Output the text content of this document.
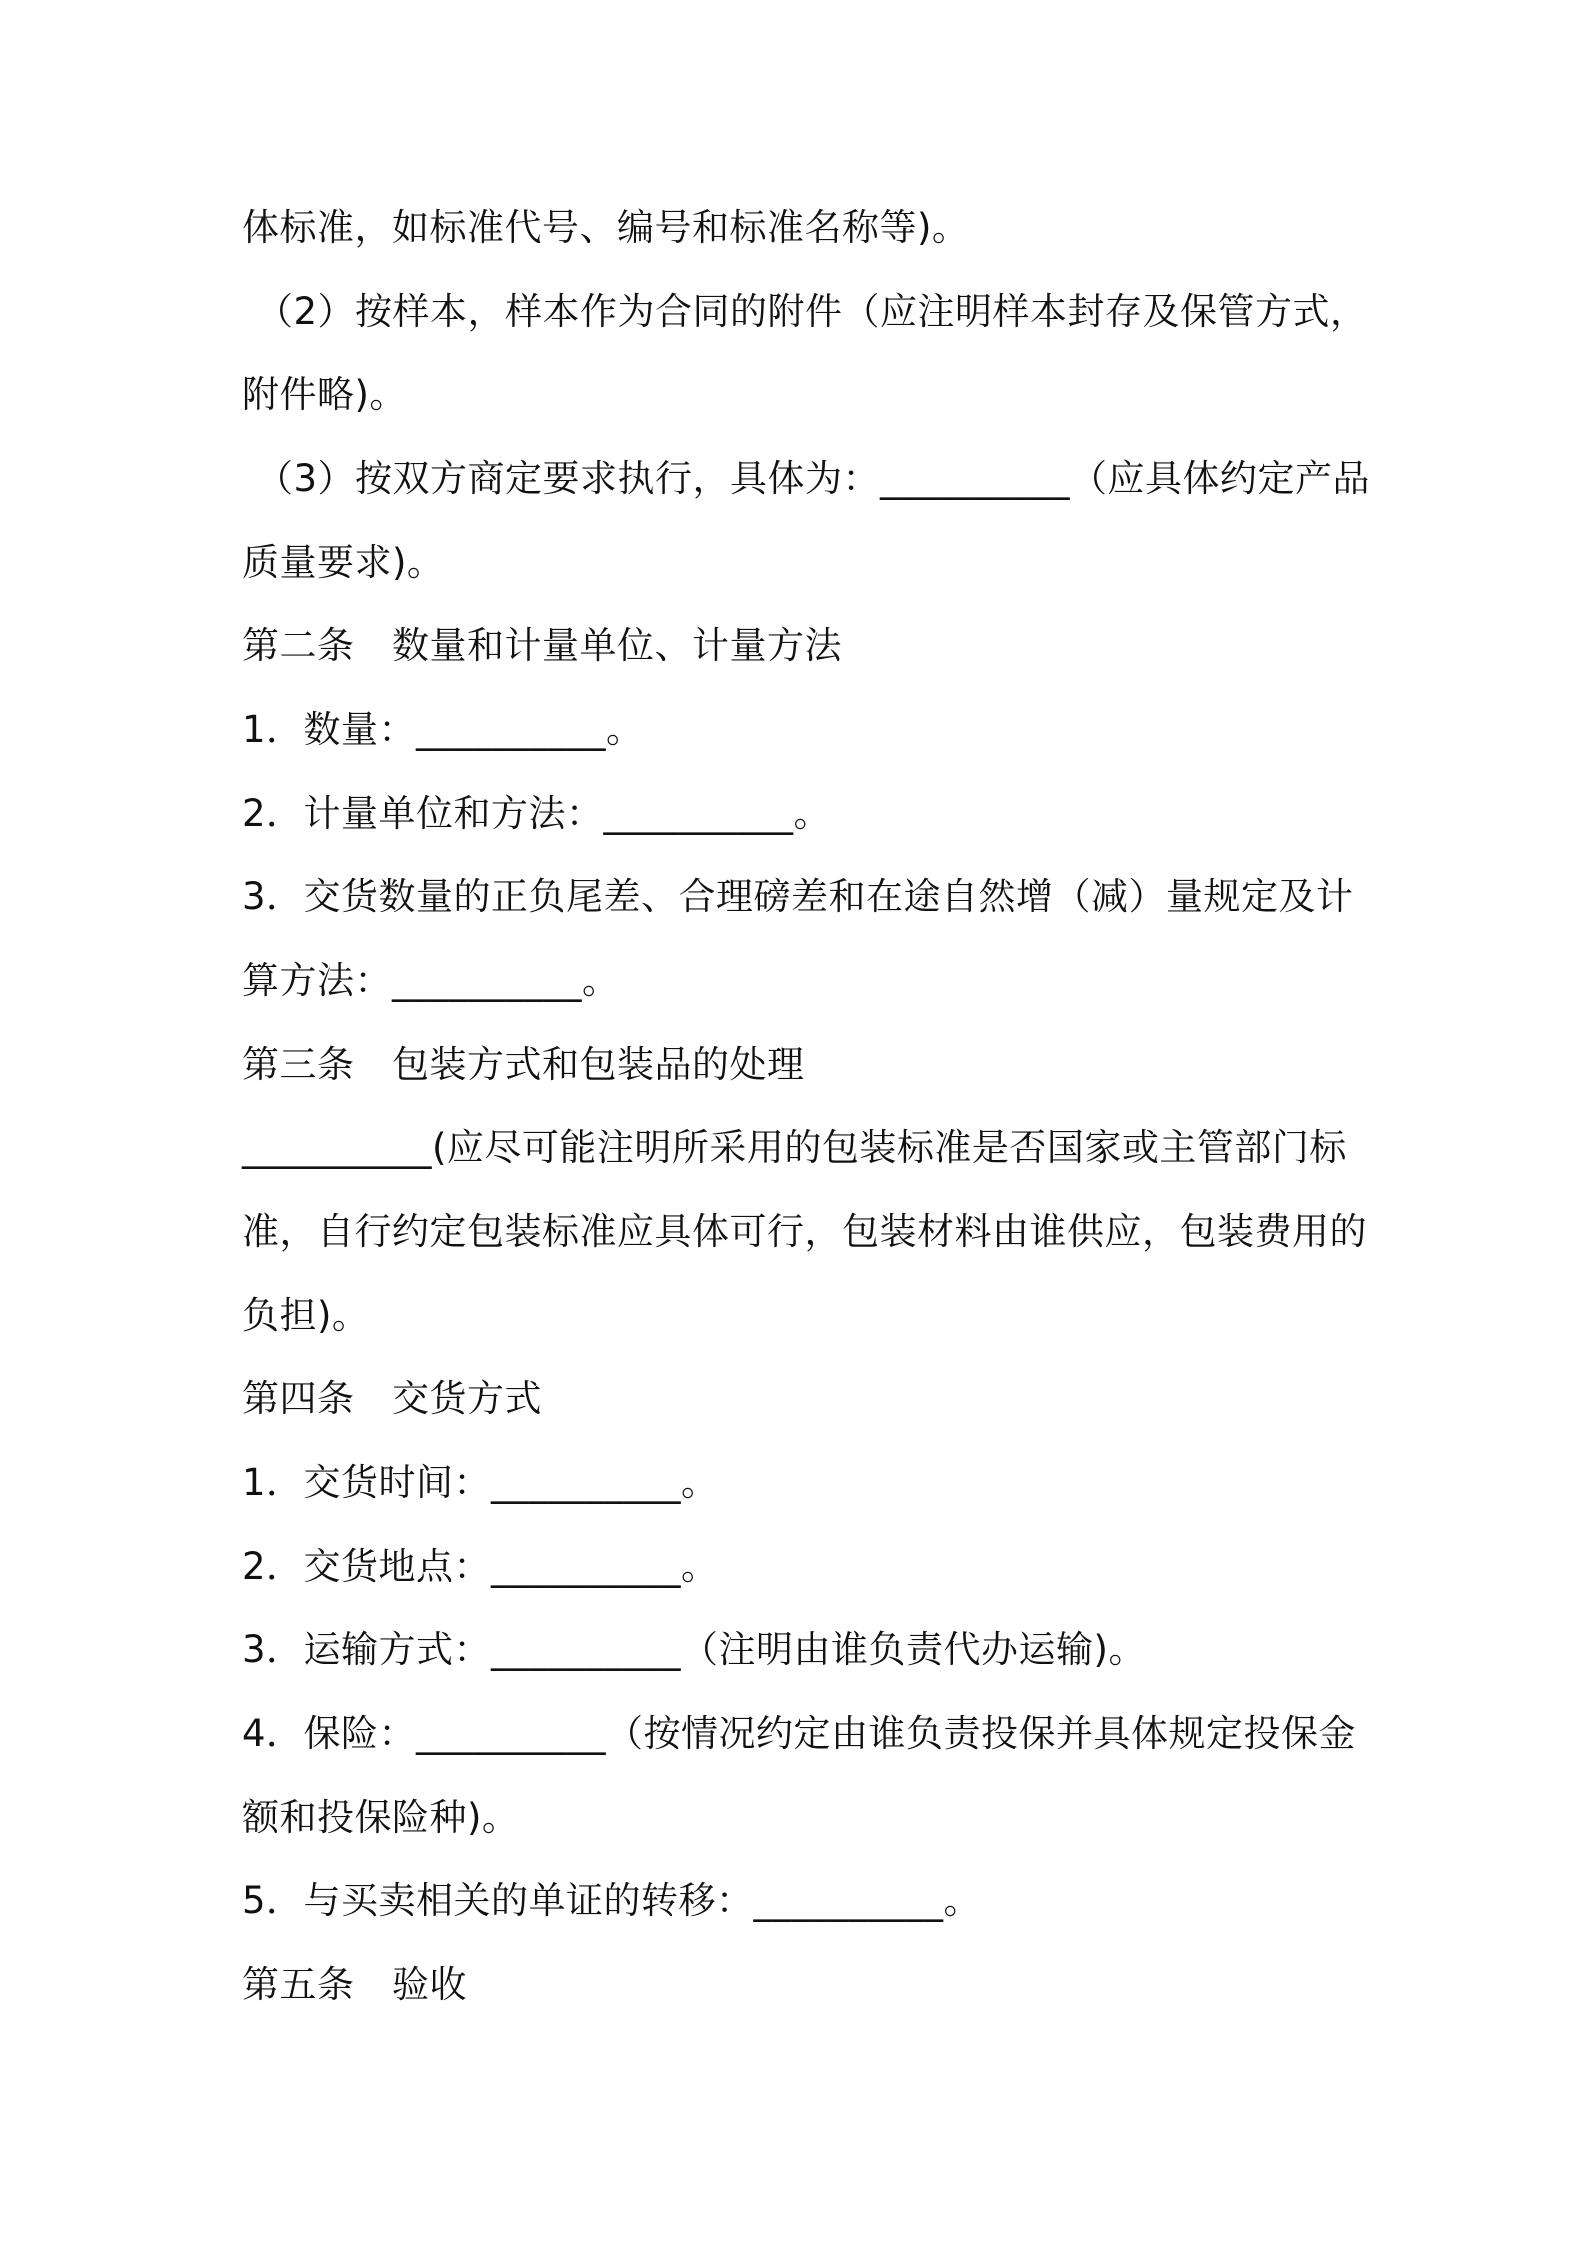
体标准，如标准代号、编号和标准名称等)。
（2）按样本，样本作为合同的附件（应注明样本封存及保管方式，
附件略)。
（3）按双方商定要求执行，具体为：__________（应具体约定产品
质量要求)。
第二条　数量和计量单位、计量方法
1．数量：__________。
2．计量单位和方法：__________。
3．交货数量的正负尾差、合理磅差和在途自然增（减）量规定及计
算方法：__________。
第三条　包装方式和包装品的处理
__________(应尽可能注明所采用的包装标准是否国家或主管部门标
准，自行约定包装标准应具体可行，包装材料由谁供应，包装费用的
负担)。
第四条　交货方式
1．交货时间：__________。
2．交货地点：__________。
3．运输方式：__________（注明由谁负责代办运输)。
4．保险：__________（按情况约定由谁负责投保并具体规定投保金
额和投保险种)。
5．与买卖相关的单证的转移：__________。
第五条　验收
